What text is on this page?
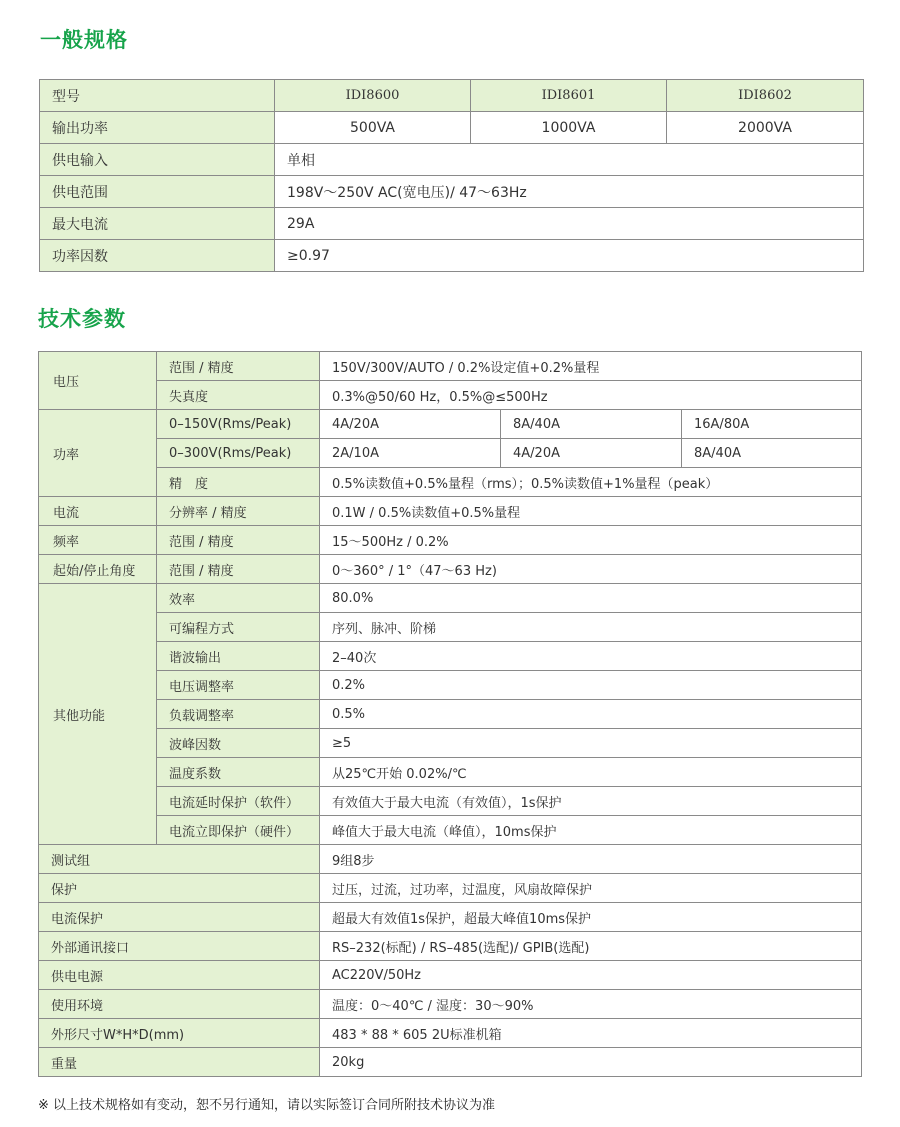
一般规格
型号	IDI8600	IDI8601	IDI8602
输出功率	500VA	1000VA	2000VA
供电输入	单相		
供电范围	198V～250V AC(宽电压)/ 47～63Hz		
最大电流	29A		
功率因数	≥0.97		
技术参数
电压	范围 / 精度	150V/300V/AUTO / 0.2%设定值+0.2%量程		
	失真度	0.3%@50/60 Hz，0.5%@≤500Hz		
功率	0–150V(Rms/Peak)	4A/20A	8A/40A	16A/80A
	0–300V(Rms/Peak)	2A/10A	4A/20A	8A/40A
	精　度	0.5%读数值+0.5%量程（rms）；0.5%读数值+1%量程（peak）		
电流	分辨率 / 精度	0.1W / 0.5%读数值+0.5%量程		
频率	范围 / 精度	15～500Hz / 0.2%		
起始/停止角度	范围 / 精度	0～360° / 1°（47～63 Hz)		
其他功能	效率	80.0%		
	可编程方式	序列、脉冲、阶梯		
	谐波输出	2–40次		
	电压调整率	0.2%		
	负载调整率	0.5%		
	波峰因数	≥5		
	温度系数	从25℃开始 0.02%/℃		
	电流延时保护（软件）	有效值大于最大电流（有效值），1s保护		
	电流立即保护（硬件）	峰值大于最大电流（峰值），10ms保护		
测试组		9组8步		
保护		过压，过流，过功率，过温度，风扇故障保护		
电流保护		超最大有效值1s保护，超最大峰值10ms保护		
外部通讯接口		RS–232(标配) / RS–485(选配)/ GPIB(选配)		
供电电源		AC220V/50Hz		
使用环境		温度：0～40℃ / 湿度：30～90%		
外形尺寸W*H*D(mm)		483 * 88 * 605 2U标准机箱		
重量		20kg		

※ 以上技术规格如有变动，恕不另行通知，请以实际签订合同所附技术协议为准
